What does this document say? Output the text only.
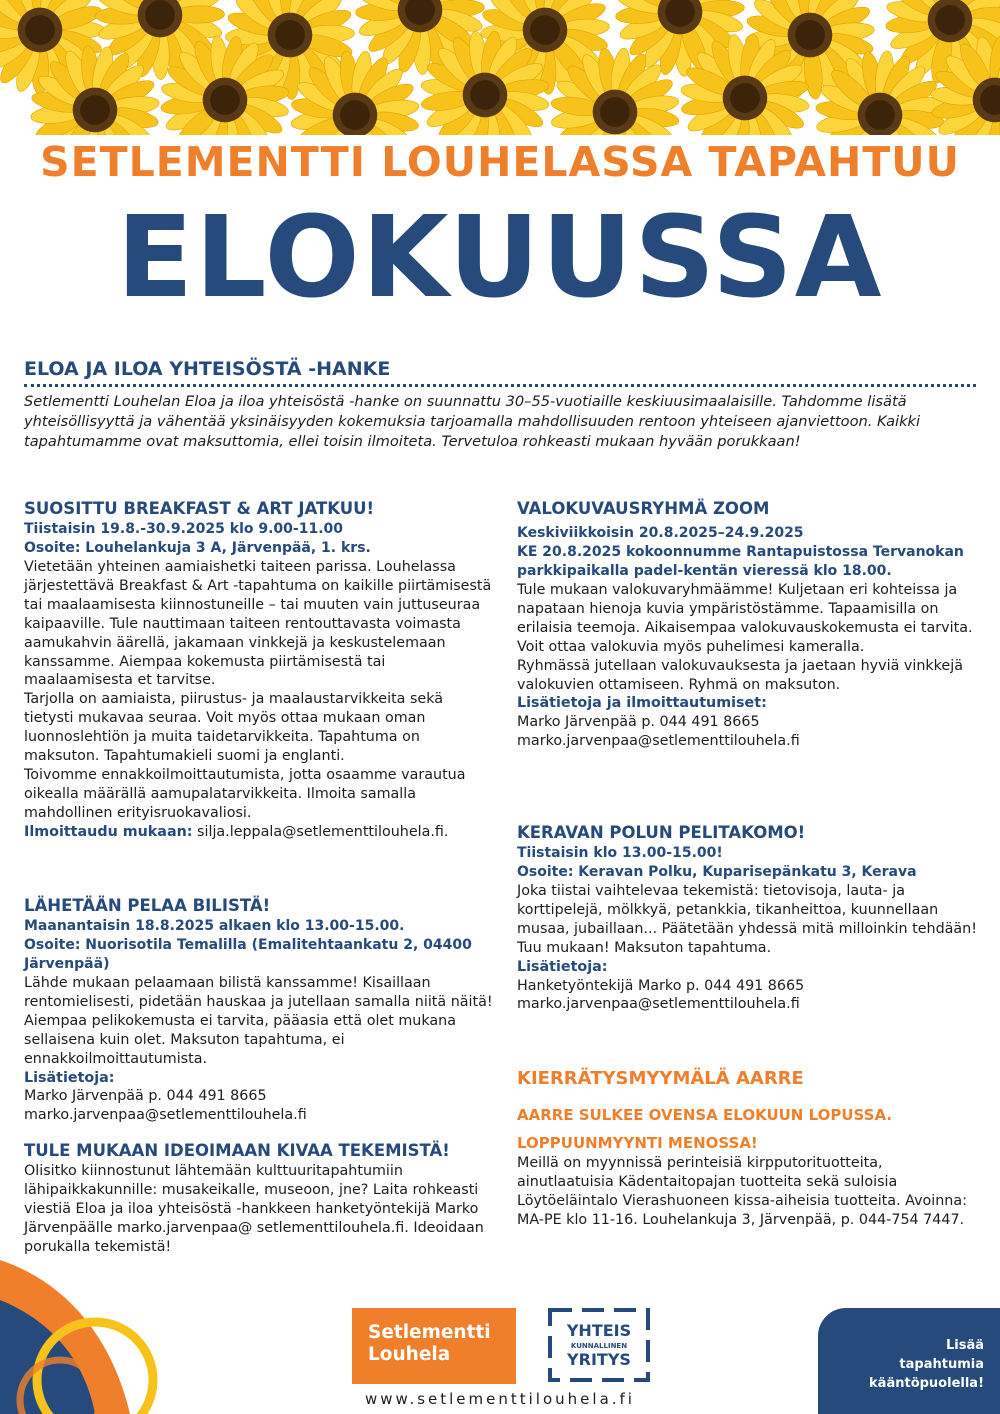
SETLEMENTTI LOUHELASSA TAPAHTUU
ELOKUUSSA
ELOA JA ILOA YHTEISÖSTÄ -HANKE
Setlementti Louhelan Eloa ja iloa yhteisöstä -hanke on suunnattu 30–55-vuotiaille keskiuusimaalaisille. Tahdomme lisätä yhteisöllisyyttä ja vähentää yksinäisyyden kokemuksia tarjoamalla mahdollisuuden rentoon yhteiseen ajanviettoon. Kaikki tapahtumamme ovat maksuttomia, ellei toisin ilmoiteta. Tervetuloa rohkeasti mukaan hyvään porukkaan!
SUOSITTU BREAKFAST & ART JATKUU!
Tiistaisin 19.8.-30.9.2025 klo 9.00-11.00
Osoite: Louhelankuja 3 A, Järvenpää, 1. krs.

Vietetään yhteinen aamiaishetki taiteen parissa. Louhelassa järjestettävä Breakfast & Art -tapahtuma on kaikille piirtämisestä tai maalaamisesta kiinnostuneille – tai muuten vain juttuseuraa kaipaaville. Tule nauttimaan taiteen rentouttavasta voimasta aamukahvin äärellä, jakamaan vinkkejä ja keskustelemaan kanssamme. Aiempaa kokemusta piirtämisestä tai maalaamisesta et tarvitse.

Tarjolla on aamiaista, piirustus- ja maalaustarvikkeita sekä tietysti mukavaa seuraa. Voit myös ottaa mukaan oman luonnoslehtiön ja muita taidetarvikkeita. Tapahtuma on maksuton. Tapahtumakieli suomi ja englanti.

Toivomme ennakkoilmoittautumista, jotta osaamme varautua oikealla määrällä aamupalatarvikkeita. Ilmoita samalla mahdollinen erityisruokavaliosi.

Ilmoittaudu mukaan: silja.leppala@setlementtilouhela.fi.

LÄHETÄÄN PELAA BILISTÄ!
Maanantaisin 18.8.2025 alkaen klo 13.00-15.00.
Osoite: Nuorisotila Temalilla (Emalitehtaankatu 2, 04400 Järvenpää)

Lähde mukaan pelaamaan bilistä kanssamme! Kisaillaan rentomielisesti, pidetään hauskaa ja jutellaan samalla niitä näitä! Aiempaa pelikokemusta ei tarvita, pääasia että olet mukana sellaisena kuin olet. Maksuton tapahtuma, ei ennakkoilmoittautumista.

Lisätietoja:

Marko Järvenpää p. 044 491 8665

marko.jarvenpaa@setlementtilouhela.fi

TULE MUKAAN IDEOIMAAN KIVAA TEKEMISTÄ!

Olisitko kiinnostunut lähtemään kulttuuritapahtumiin lähipaikkakunnille: musakeikalle, museoon, jne? Laita rohkeasti viestiä Eloa ja iloa yhteisöstä -hankkeen hanketyöntekijä Marko Järvenpäälle marko.jarvenpaa@ setlementtilouhela.fi. Ideoidaan porukalla tekemistä!

VALOKUVAUSRYHMÄ ZOOM
Keskiviikkoisin 20.8.2025–24.9.2025
KE 20.8.2025 kokoonnumme Rantapuistossa Tervanokan parkkipaikalla padel-kentän vieressä klo 18.00.

Tule mukaan valokuvaryhmäämme! Kuljetaan eri kohteissa ja napataan hienoja kuvia ympäristöstämme. Tapaamisilla on erilaisia teemoja. Aikaisempaa valokuvauskokemusta ei tarvita. Voit ottaa valokuvia myös puhelimesi kameralla.

Ryhmässä jutellaan valokuvauksesta ja jaetaan hyviä vinkkejä valokuvien ottamiseen. Ryhmä on maksuton.

Lisätietoja ja ilmoittautumiset:

Marko Järvenpää p. 044 491 8665

marko.jarvenpaa@setlementtilouhela.fi

KERAVAN POLUN PELITAKOMO!
Tiistaisin klo 13.00-15.00!
Osoite: Keravan Polku, Kuparisepänkatu 3, Kerava

Joka tiistai vaihtelevaa tekemistä: tietovisoja, lauta- ja korttipelejä, mölkkyä, petankkia, tikanheittoa, kuunnellaan musaa, jubaillaan... Päätetään yhdessä mitä milloinkin tehdään! Tuu mukaan! Maksuton tapahtuma.

Lisätietoja:

Hanketyöntekijä Marko p. 044 491 8665

marko.jarvenpaa@setlementtilouhela.fi

KIERRÄTYSMYYMÄLÄ AARRE
AARRE SULKEE OVENSA ELOKUUN LOPUSSA.
LOPPUUNMYYNTI MENOSSA!

Meillä on myynnissä perinteisiä kirpputorituotteita, ainutlaatuisia Kädentaitopajan tuotteita sekä suloisia Löytöeläintalo Vierashuoneen kissa-aiheisia tuotteita. Avoinna: MA-PE klo 11-16. Louhelankuja 3, Järvenpää, p. 044-754 7447.

Setlementti
Louhela
YHTEIS
KUNNALLINEN
YRITYS
www.setlementtilouhela.fi
Lisää
tapahtumia
kääntöpuolella!
